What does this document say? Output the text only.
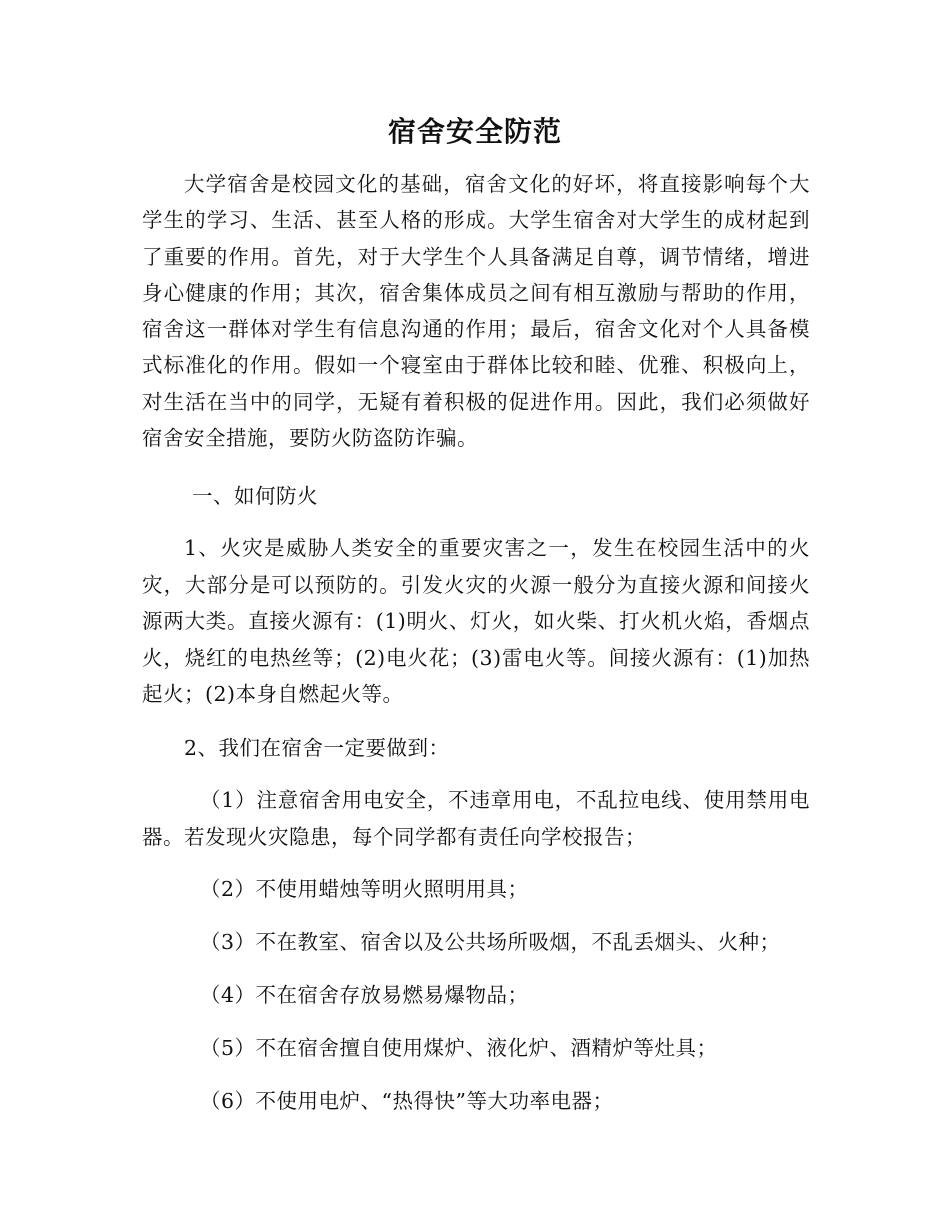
宿舍安全防范

大学宿舍是校园文化的基础，宿舍文化的好坏，将直接影响每个大学生的学习、生活、甚至人格的形成。大学生宿舍对大学生的成材起到了重要的作用。首先，对于大学生个人具备满足自尊，调节情绪，增进身心健康的作用；其次，宿舍集体成员之间有相互激励与帮助的作用，宿舍这一群体对学生有信息沟通的作用；最后，宿舍文化对个人具备模式标准化的作用。假如一个寝室由于群体比较和睦、优雅、积极向上，对生活在当中的同学，无疑有着积极的促进作用。因此，我们必须做好宿舍安全措施，要防火防盗防诈骗。

一、如何防火

1、火灾是威胁人类安全的重要灾害之一，发生在校园生活中的火灾，大部分是可以预防的。引发火灾的火源一般分为直接火源和间接火源两大类。直接火源有：(1)明火、灯火，如火柴、打火机火焰，香烟点火，烧红的电热丝等；(2)电火花；(3)雷电火等。间接火源有：(1)加热起火；(2)本身自燃起火等。

2、我们在宿舍一定要做到：

（1）注意宿舍用电安全，不违章用电，不乱拉电线、使用禁用电器。若发现火灾隐患，每个同学都有责任向学校报告；

（2）不使用蜡烛等明火照明用具；

（3）不在教室、宿舍以及公共场所吸烟，不乱丢烟头、火种；

（4）不在宿舍存放易燃易爆物品；

（5）不在宿舍擅自使用煤炉、液化炉、酒精炉等灶具；

（6）不使用电炉、“热得快”等大功率电器；
